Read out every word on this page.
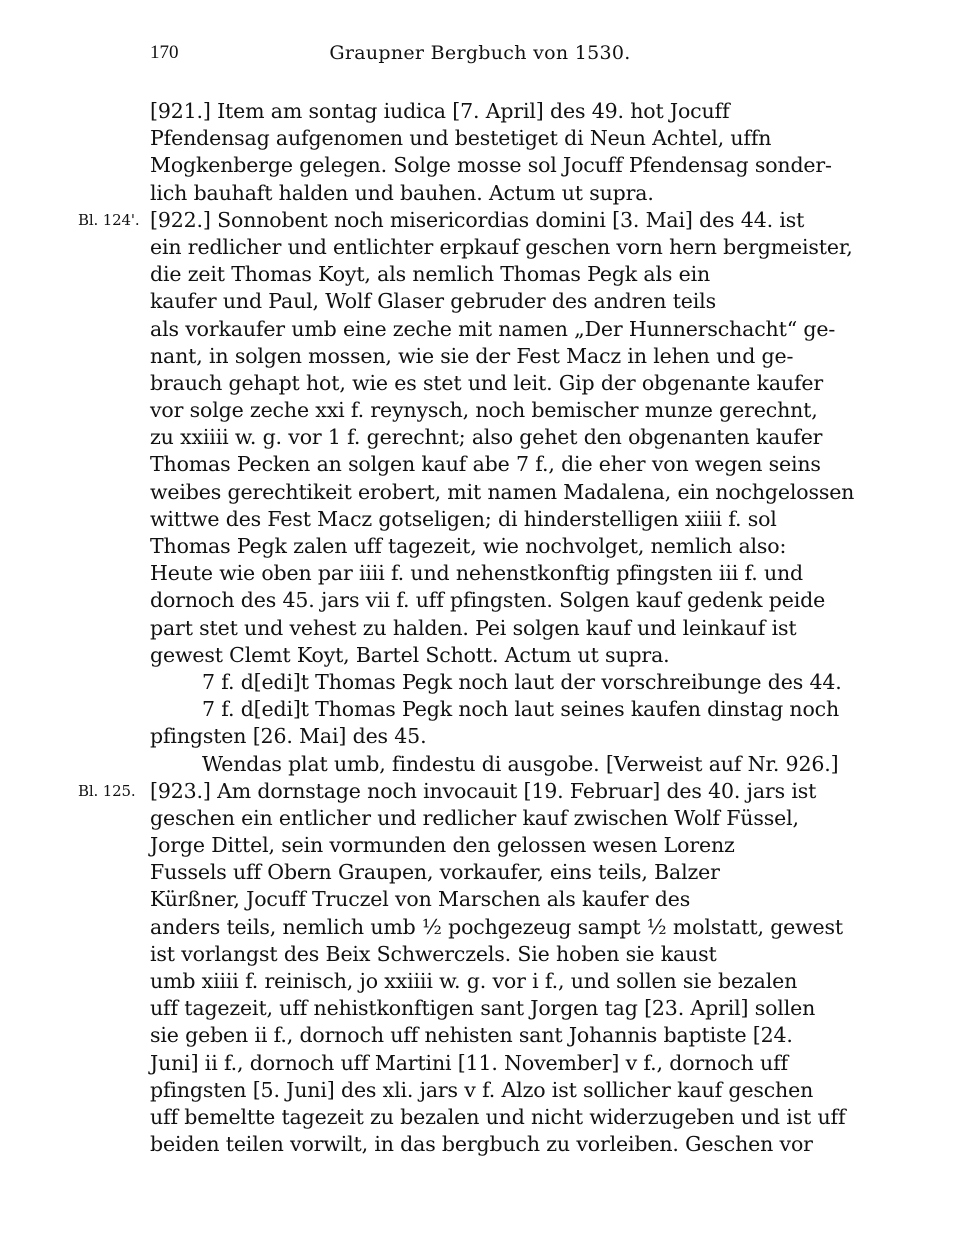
170	Graupner Bergbuch von 1530.
[921.] Item am sontag iudica [7. April] des 49. hot Jocuff
Pfendensag aufgenomen und bestetiget di Neun Achtel, uffn
Mogkenberge gelegen. Solge mosse sol Jocuff Pfendensag sonder-
lich bauhaft halden und bauhen. Actum ut supra.
Bl. 124'. [922.] Sonnobent noch misericordias domini [3. Mai] des 44. ist
ein redlicher und entlichter erpkauf geschen vorn hern bergmeister,
die zeit Thomas Koyt, als nemlich Thomas Pegk als ein
kaufer und Paul, Wolf Glaser gebruder des andren teils
als vorkaufer umb eine zeche mit namen „Der Hunnerschacht“ ge-
nant, in solgen mossen, wie sie der Fest Macz in lehen und ge-
brauch gehapt hot, wie es stet und leit. Gip der obgenante kaufer
vor solge zeche xxi f. reynysch, noch bemischer munze gerechnt,
zu xxiiii w. g. vor 1 f. gerechnt; also gehet den obgenanten kaufer
Thomas Pecken an solgen kauf abe 7 f., die eher von wegen seins
weibes gerechtikeit erobert, mit namen Madalena, ein nochgelossen
wittwe des Fest Macz gotseligen; di hinderstelligen xiiii f. sol
Thomas Pegk zalen uff tagezeit, wie nochvolget, nemlich also:
Heute wie oben par iiii f. und nehenstkonftig pfingsten iii f. und
dornoch des 45. jars vii f. uff pfingsten. Solgen kauf gedenk peide
part stet und vehest zu halden. Pei solgen kauf und leinkauf ist
gewest Clemt Koyt, Bartel Schott. Actum ut supra.
7 f. d[edi]t Thomas Pegk noch laut der vorschreibunge des 44.
7 f. d[edi]t Thomas Pegk noch laut seines kaufen dinstag noch
pfingsten [26. Mai] des 45.
Wendas plat umb, findestu di ausgobe. [Verweist auf Nr. 926.]
Bl. 125. [923.] Am dornstage noch invocauit [19. Februar] des 40. jars ist
geschen ein entlicher und redlicher kauf zwischen Wolf Füssel,
Jorge Dittel, sein vormunden den gelossen wesen Lorenz
Fussels uff Obern Graupen, vorkaufer, eins teils, Balzer
Kürßner, Jocuff Truczel von Marschen als kaufer des
anders teils, nemlich umb ½ pochgezeug sampt ½ molstatt, gewest
ist vorlangst des Beix Schwerczels. Sie hoben sie kaust
umb xiiii f. reinisch, jo xxiiii w. g. vor i f., und sollen sie bezalen
uff tagezeit, uff nehistkonftigen sant Jorgen tag [23. April] sollen
sie geben ii f., dornoch uff nehisten sant Johannis baptiste [24.
Juni] ii f., dornoch uff Martini [11. November] v f., dornoch uff
pfingsten [5. Juni] des xli. jars v f. Alzo ist sollicher kauf geschen
uff bemeltte tagezeit zu bezalen und nicht widerzugeben und ist uff
beiden teilen vorwilt, in das bergbuch zu vorleiben. Geschen vor
